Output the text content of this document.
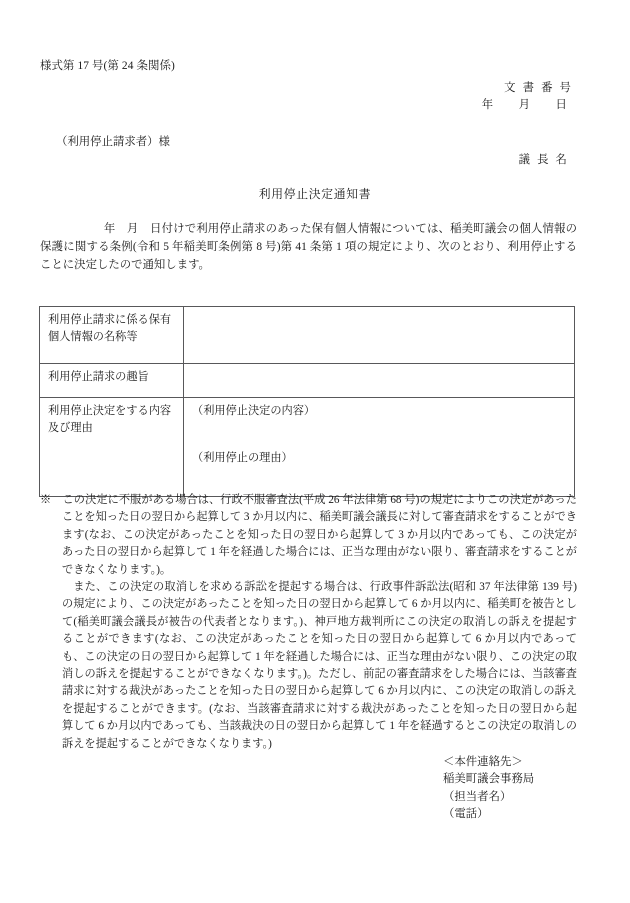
様式第 17 号(第 24 条関係)
文書番号
年　月　日
（利用停止請求者）様
議長名
利用停止決定通知書
年　月　日付けで利用停止請求のあった保有個人情報については、稲美町議会の個人情報の保護に関する条例(令和 5 年稲美町条例第 8 号)第 41 条第 1 項の規定により、次のとおり、利用停止することに決定したので通知します。
利用停止請求に係る保有個人情報の名称等	
利用停止請求の趣旨	
利用停止決定をする内容及び理由	（利用停止決定の内容）
（利用停止の理由）
※　この決定に不服がある場合は、行政不服審査法(平成 26 年法律第 68 号)の規定によりこの決定があったことを知った日の翌日から起算して 3 か月以内に、稲美町議会議長に対して審査請求をすることができます(なお、この決定があったことを知った日の翌日から起算して 3 か月以内であっても、この決定があった日の翌日から起算して 1 年を経過した場合には、正当な理由がない限り、審査請求をすることができなくなります。)。
また、この決定の取消しを求める訴訟を提起する場合は、行政事件訴訟法(昭和 37 年法律第 139 号)の規定により、この決定があったことを知った日の翌日から起算して 6 か月以内に、稲美町を被告として(稲美町議会議長が被告の代表者となります。)、神戸地方裁判所にこの決定の取消しの訴えを提起することができます(なお、この決定があったことを知った日の翌日から起算して 6 か月以内であっても、この決定の日の翌日から起算して 1 年を経過した場合には、正当な理由がない限り、この決定の取消しの訴えを提起することができなくなります。)。ただし、前記の審査請求をした場合には、当該審査請求に対する裁決があったことを知った日の翌日から起算して 6 か月以内に、この決定の取消しの訴えを提起することができます。(なお、当該審査請求に対する裁決があったことを知った日の翌日から起算して 6 か月以内であっても、当該裁決の日の翌日から起算して 1 年を経過するとこの決定の取消しの訴えを提起することができなくなります。)
＜本件連絡先＞
稲美町議会事務局
（担当者名）
（電話）
